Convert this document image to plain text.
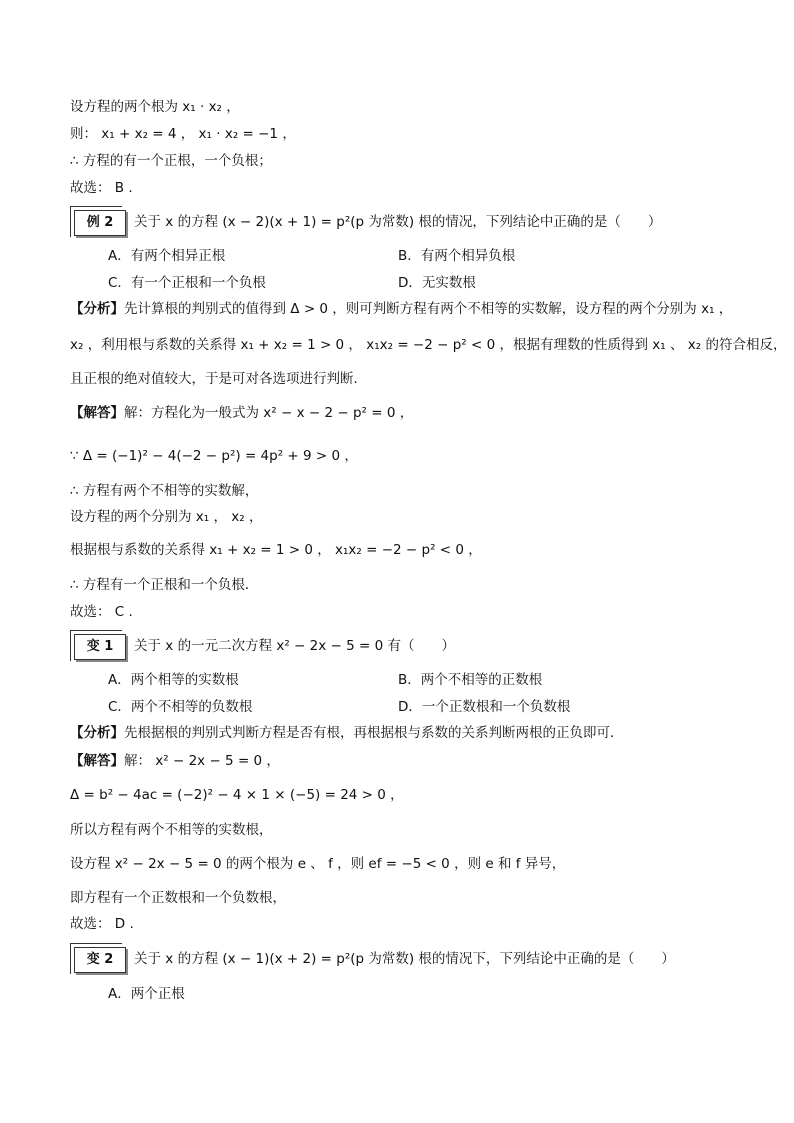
设方程的两个根为 x₁ · x₂ ，
则： x₁ + x₂ = 4 ， x₁ · x₂ = −1 ，
∴ 方程的有一个正根，一个负根；
故选： B .
例 2	关于 x 的方程 (x − 2)(x + 1) = p²(p 为常数) 根的情况，下列结论中正确的是（　　）
A．有两个相异正根	B．有两个相异负根
C．有一个正根和一个负根	D．无实数根
【分析】先计算根的判别式的值得到 Δ > 0 ，则可判断方程有两个不相等的实数解，设方程的两个分别为 x₁ ，
x₂ ，利用根与系数的关系得 x₁ + x₂ = 1 > 0 ， x₁x₂ = −2 − p² < 0 ，根据有理数的性质得到 x₁ 、 x₂ 的符合相反，
且正根的绝对值较大，于是可对各选项进行判断．
【解答】解：方程化为一般式为 x² − x − 2 − p² = 0 ，
∵ Δ = (−1)² − 4(−2 − p²) = 4p² + 9 > 0 ，
∴ 方程有两个不相等的实数解，
设方程的两个分别为 x₁ ， x₂ ，
根据根与系数的关系得 x₁ + x₂ = 1 > 0 ， x₁x₂ = −2 − p² < 0 ，
∴ 方程有一个正根和一个负根．
故选： C .
变 1	关于 x 的一元二次方程 x² − 2x − 5 = 0 有（　　）
A．两个相等的实数根	B．两个不相等的正数根
C．两个不相等的负数根	D．一个正数根和一个负数根
【分析】先根据根的判别式判断方程是否有根，再根据根与系数的关系判断两根的正负即可．
【解答】解： x² − 2x − 5 = 0 ，
Δ = b² − 4ac = (−2)² − 4 × 1 × (−5) = 24 > 0 ，
所以方程有两个不相等的实数根，
设方程 x² − 2x − 5 = 0 的两个根为 e 、 f ，则 ef = −5 < 0 ，则 e 和 f 异号，
即方程有一个正数根和一个负数根，
故选： D .
变 2	关于 x 的方程 (x − 1)(x + 2) = p²(p 为常数) 根的情况下，下列结论中正确的是（　　）
A．两个正根
